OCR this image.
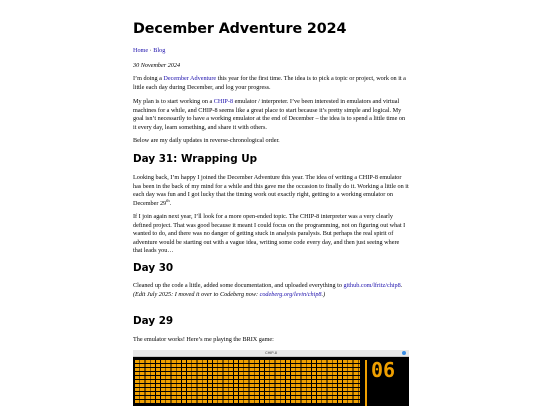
December Adventure 2024
Home · Blog
30 November 2024

I’m doing a December Adventure this year for the first time. The idea is to pick a topic or project, work on it a little each day during December, and log your progress.

My plan is to start working on a CHIP-8 emulator / interpreter. I’ve been interested in emulators and virtual machines for a while, and CHIP-8 seems like a great place to start because it’s pretty simple and logical. My goal isn’t necessarily to have a working emulator at the end of December – the idea is to spend a little time on it every day, learn something, and share it with others.

Below are my daily updates in reverse-chronological order.

Day 31: Wrapping Up

Looking back, I’m happy I joined the December Adventure this year. The idea of writing a CHIP-8 emulator has been in the back of my mind for a while and this gave me the occasion to finally do it. Working a little on it each day was fun and I got lucky that the timing work out exactly right, getting to a working emulator on December 29th.

If I join again next year, I’ll look for a more open-ended topic. The CHIP-8 interpreter was a very clearly defined project. That was good because it meant I could focus on the programming, not on figuring out what I wanted to do, and there was no danger of getting stuck in analysis paralysis. But perhaps the real spirit of adventure would be starting out with a vague idea, writing some code every day, and then just seeing where that leads you…

Day 30

Cleaned up the code a little, added some documentation, and uploaded everything to github.com/lfritz/chip8. (Edit July 2025: I moved it over to Codeberg now: codeberg.org/levin/chip8.)

Day 29

The emulator works! Here’s me playing the BRIX game:

CHIP-8
06
